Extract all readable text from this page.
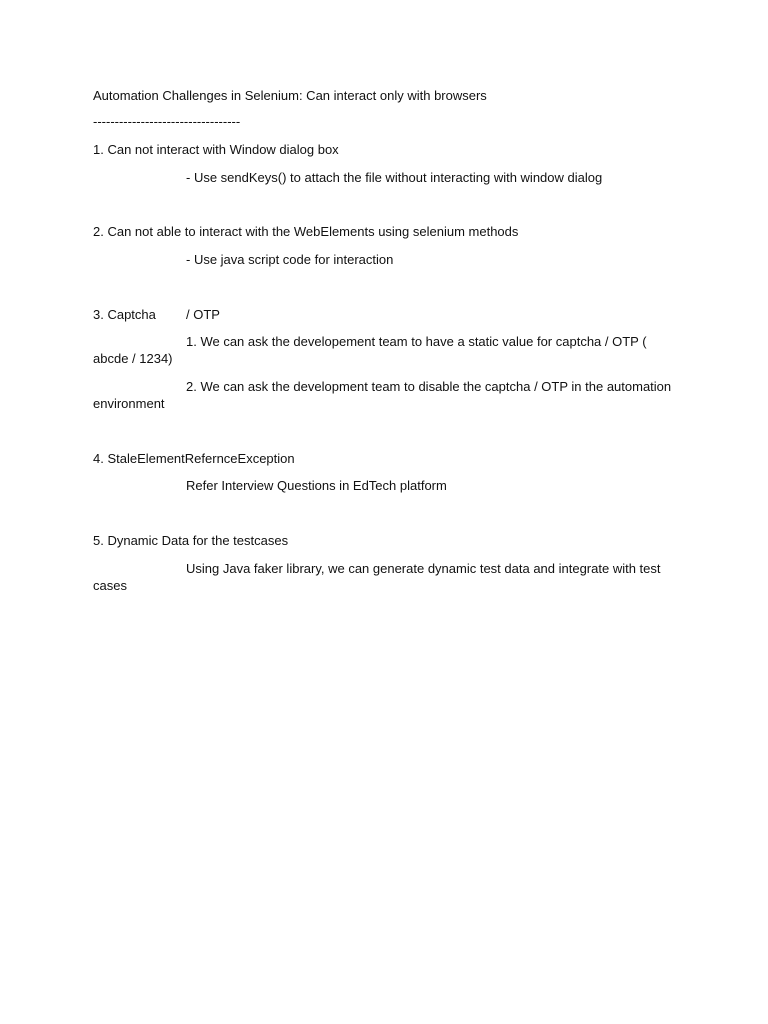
Automation Challenges in Selenium: Can interact only with browsers
----------------------------------
1. Can not interact with Window dialog box
- Use sendKeys() to attach the file without interacting with window dialog
2. Can not able to interact with the WebElements using selenium methods
- Use java script code for interaction
3. Captcha / OTP
1. We can ask the developement team to have a static value for captcha / OTP (
abcde / 1234)
2. We can ask the development team to disable the captcha / OTP in the automation
environment
4. StaleElementRefernceException
Refer Interview Questions in EdTech platform
5. Dynamic Data for the testcases
Using Java faker library, we can generate dynamic test data and integrate with test
cases
